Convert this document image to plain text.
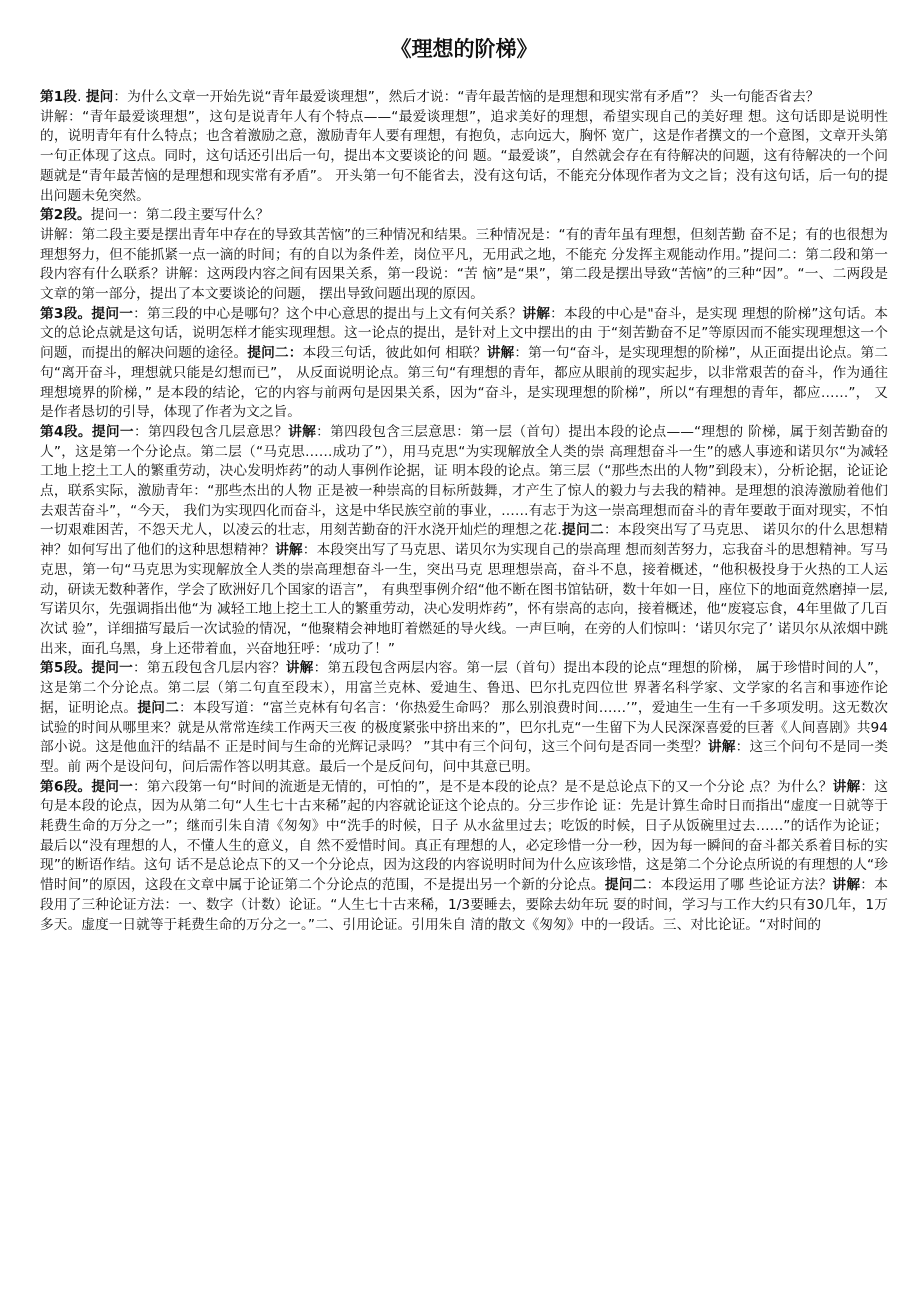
《理想的阶梯》

第1段. 提问：为什么文章一开始先说“青年最爱谈理想”，然后才说：“青年最苦恼的是理想和现实常有矛盾”？ 头一句能否省去？

讲解：“青年最爱谈理想”，这句是说青年人有个特点——“最爱谈理想”，追求美好的理想，希望实现自己的美好理 想。这句话即是说明性的，说明青年有什么特点；也含着激励之意，激励青年人要有理想，有抱负，志向远大，胸怀 宽广，这是作者撰文的一个意图，文章开头第一句正体现了这点。同时，这句话还引出后一句，提出本文要谈论的问 题。“最爱谈”，自然就会存在有待解决的问题，这有待解决的一个问题就是“青年最苦恼的是理想和现实常有矛盾”。 开头第一句不能省去，没有这句话，不能充分体现作者为文之旨；没有这句话，后一句的提出问题未免突然。

第2段。提问一：第二段主要写什么？

讲解：第二段主要是摆出青年中存在的导致其苦恼”的三种情况和结果。三种情况是：“有的青年虽有理想，但刻苦勤 奋不足；有的也很想为理想努力，但不能抓紧一点一滴的时间；有的自以为条件差，岗位平凡，无用武之地，不能充 分发挥主观能动作用。”提问二：第二段和第一段内容有什么联系？讲解：这两段内容之间有因果关系，第一段说：“苦 恼”是“果”，第二段是摆出导致“苦恼”的三种“因”。“一、二两段是文章的第一部分，提出了本文要谈论的问题， 摆出导致问题出现的原因。

第3段。提问一：第三段的中心是哪句？这个中心意思的提出与上文有何关系？讲解：本段的中心是"奋斗，是实现 理想的阶梯”这句话。本文的总论点就是这句话，说明怎样才能实现理想。这一论点的提出，是针对上文中摆出的由 于“刻苦勤奋不足”等原因而不能实现理想这一个问题，而提出的解决问题的途径。提问二：本段三句话，彼此如何 相联？讲解：第一句“奋斗，是实现理想的阶梯”，从正面提出论点。第二句“离开奋斗，理想就只能是幻想而已”， 从反面说明论点。第三句“有理想的青年，都应从眼前的现实起步，以非常艰苦的奋斗，作为通往理想境界的阶梯，” 是本段的结论，它的内容与前两句是因果关系，因为“奋斗，是实现理想的阶梯”，所以“有理想的青年，都应……”， 又是作者恳切的引导，体现了作者为文之旨。

第4段。提问一：第四段包含几层意思？讲解：第四段包含三层意思：第一层（首句）提出本段的论点——“理想的 阶梯，属于刻苦勤奋的人”，这是第一个分论点。第二层（“马克思……成功了”），用马克思“为实现解放全人类的崇 高理想奋斗一生”的感人事迹和诺贝尔“为减轻工地上挖土工人的繁重劳动，决心发明炸药”的动人事例作论据，证 明本段的论点。第三层（“那些杰出的人物”到段末），分析论据，论证论点，联系实际，激励青年：“那些杰出的人物 正是被一种崇高的目标所鼓舞，才产生了惊人的毅力与去我的精神。是理想的浪涛激励着他们去艰苦奋斗”，“今天， 我们为实现四化而奋斗，这是中华民族空前的事业，……有志于为这一崇高理想而奋斗的青年要敢于面对现实，不怕 一切艰难困苦，不怨天尤人，以凌云的壮志，用刻苦勤奋的汗水浇开灿烂的理想之花.提问二：本段突出写了马克思、 诺贝尔的什么思想精神？如何写出了他们的这种思想精神？讲解：本段突出写了马克思、诺贝尔为实现自己的崇高理 想而刻苦努力，忘我奋斗的思想精神。写马克思，第一句“马克思为实现解放全人类的崇高理想奋斗一生，突出马克 思理想崇高，奋斗不息，接着概述，“他积极投身于火热的工人运动，研读无数种著作，学会了欧洲好几个国家的语言”， 有典型事例介绍“他不断在图书馆钻研，数十年如一日，座位下的地面竟然磨掉一层,写诺贝尔，先强调指出他“为 减轻工地上挖土工人的繁重劳动，决心发明炸药”，怀有崇高的志向，接着概述，他“废寝忘食，4年里做了几百次试 验”，详细描写最后一次试验的情况，“他聚精会神地盯着燃延的导火线。一声巨响，在旁的人们惊叫：‘诺贝尔完了’ 诺贝尔从浓烟中跳出来，面孔乌黑，身上还带着血，兴奋地狂呼：‘成功了！”

第5段。提问一：第五段包含几层内容？讲解：第五段包含两层内容。第一层（首句）提出本段的论点“理想的阶梯， 属于珍惜时间的人”，这是第二个分论点。第二层（第二句直至段末），用富兰克林、爱迪生、鲁迅、巴尔扎克四位世 界著名科学家、文学家的名言和事迹作论据，证明论点。提问二：本段写道：“富兰克林有句名言：‘你热爱生命吗？ 那么别浪费时间……’”，爱迪生一生有一千多项发明。这无数次试验的时间从哪里来？就是从常常连续工作两天三夜 的极度紧张中挤出来的”，巴尔扎克“一生留下为人民深深喜爱的巨著《人间喜剧》共94部小说。这是他血汗的结晶不 正是时间与生命的光辉记录吗？ ”其中有三个问句，这三个问句是否同一类型？讲解：这三个问句不是同一类型。前 两个是设问句，问后需作答以明其意。最后一个是反问句，问中其意已明。

第6段。提问一：第六段第一句“时间的流逝是无情的，可怕的”，是不是本段的论点？是不是总论点下的又一个分论 点？为什么？讲解：这句是本段的论点，因为从第二句“人生七十古来稀”起的内容就论证这个论点的。分三步作论 证：先是计算生命时日而指出“虚度一日就等于耗费生命的万分之一”；继而引朱自清《匆匆》中“洗手的时候，日子 从水盆里过去；吃饭的时候，日子从饭碗里过去……”的话作为论证；最后以“没有理想的人，不懂人生的意义，自 然不爱惜时间。真正有理想的人，必定珍惜一分一秒，因为每一瞬间的奋斗都关系着目标的实现”的断语作结。这句 话不是总论点下的又一个分论点，因为这段的内容说明时间为什么应该珍惜，这是第二个分论点所说的有理想的人“珍 惜时间”的原因，这段在文章中属于论证第二个分论点的范围，不是提出另一个新的分论点。提问二：本段运用了哪 些论证方法？讲解：本段用了三种论证方法：一、数字（计数）论证。“人生七十古来稀，1/3要睡去，要除去幼年玩 耍的时间，学习与工作大约只有30几年，1万多天。虚度一日就等于耗费生命的万分之一。”二、引用论证。引用朱自 清的散文《匆匆》中的一段话。三、对比论证。“对时间的
